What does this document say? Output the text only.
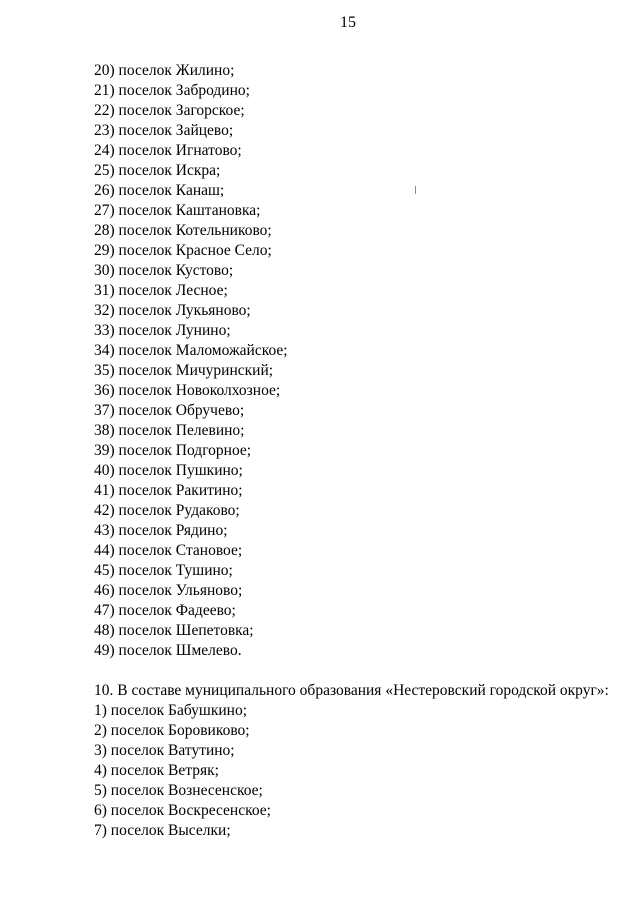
15
20) поселок Жилино;
21) поселок Забродино;
22) поселок Загорское;
23) поселок Зайцево;
24) поселок Игнатово;
25) поселок Искра;
26) поселок Канаш;
27) поселок Каштановка;
28) поселок Котельниково;
29) поселок Красное Село;
30) поселок Кустово;
31) поселок Лесное;
32) поселок Лукьяново;
33) поселок Лунино;
34) поселок Маломожайское;
35) поселок Мичуринский;
36) поселок Новоколхозное;
37) поселок Обручево;
38) поселок Пелевино;
39) поселок Подгорное;
40) поселок Пушкино;
41) поселок Ракитино;
42) поселок Рудаково;
43) поселок Рядино;
44) поселок Становое;
45) поселок Тушино;
46) поселок Ульяново;
47) поселок Фадеево;
48) поселок Шепетовка;
49) поселок Шмелево.
10. В составе муниципального образования «Нестеровский городской округ»:
1) поселок Бабушкино;
2) поселок Боровиково;
3) поселок Ватутино;
4) поселок Ветряк;
5) поселок Вознесенское;
6) поселок Воскресенское;
7) поселок Выселки;
